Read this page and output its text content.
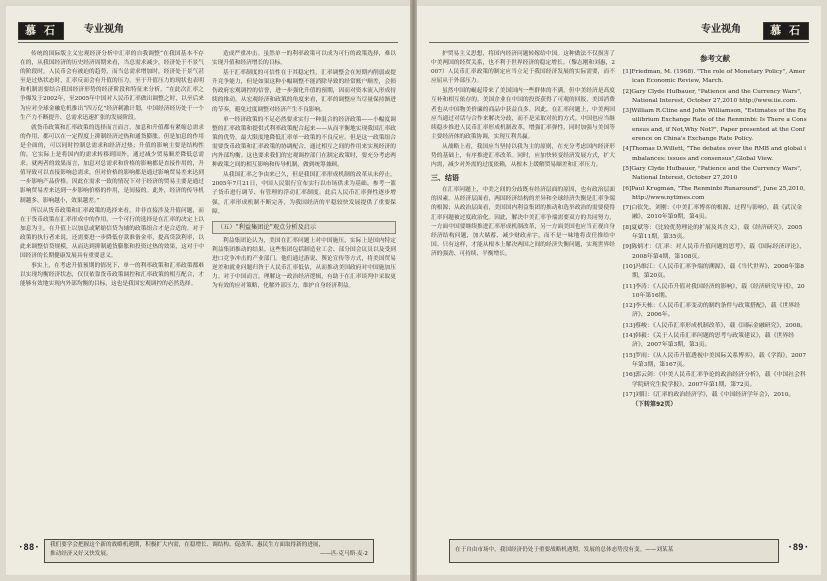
慕 石	专业视角

传统的国际版主义宏观经济分析中汇率的自我调整“在我国基本不存在的，从我国经济的历史经济周期来看，当总需求减少，经济处于不景气的阶段时，人民币会有被迫的趋势，而当总需求增加时，经济处于景气甚至是过热状态时，汇率反而会有升值的压力。至于升值压力的现状也表明和机制需要结合我国经济形势的经济阶段和特征来分析。“在此次汇率之争爆发于2002年，至2005年中国对人民币汇率做出调整之时，以至后来为应对全球金融危机推出“四万亿”经济刺激计划，中国经济经历处于一个生产力不断提升、总需求迅速扩张的发展阶段。

就货币政策和汇率政策的选择而言而言，加息和升值都有紧缩总需求的作用，都可以在一定程度上抑制经济过热和通货膨胀。但是加息的作用是全面的，可以同时控制总需求和经济过热；升值的影响主要是结构性的，它实际上是将国内的需求转移到国外，通过减少贸易顺差降低总需求。就两者的效果而言，加息对总需求和价格的影响都是直接作用的，升值导致可以直接影响总需求，但对价格的影响都是通过影响贸易差来达到一步影响产品价格。因此在需求一致的情况下对于经济的贸易主要是通过影响贸易差来达到一步影响价格的作用，是间接的。此外，经济的传导机制越多，影响越小，效果越差。”

所以从货币政策和汇率政策的选择来看，并非直接涉及升值问题，而在于货币政策在汇率形成中的作用。一个可行的选择是在汇率的决定上以加息为主，在升值上以加息或紧缩信贷为辅的政策组合才是合适的。对于政策的执行者来说，还需要进一步降低存款准备金率，提高贷款利率，以此来调整信贷规模，从而达到抑制通货膨胀和投资过热的效果，这对于中国经济的长期健康发展具有重要意义。

事实上，在考虑升值预期的情况下，单一的利率政策和汇率政策都难以实现均衡经济状态，仅仅依靠货币政策调控和汇率政策的相互配合，才能够有效地实现内外部均衡的目标，这也是我国宏观调控的必然选择。

造成严重冲击。虽然单一的利率政策可以成为可行的政策选择，难以实现升值和经济增长的目标。

基于汇率制度的可信性在于其稳定性，汇率调整会在短期内削弱或提升竞争能力，但是如果这种小幅调整不能消除导致的经常账户顺差，会损伤政府宏观调控的信誉，进一步强化升值的预期，因而对资本流入形成持续的推动。从宏观经济和政策的角度来看，汇率的调整应当尽量保持渐进的节奏，避免过度调整对经济产生不良影响。

单一经济政策的不足必然要求实行一种混合的经济政策——小幅度调整的汇率政策和提供式利率政策配合起来——从而平衡地实现我国汇率政策的优势，最大限度地降低汇率单一政策的不良反应。但是这一政策组合需要货币政策和汇率政策的协调配合，通过相互之间的作用来实现经济的内外部均衡。这也要求我们的宏观调控部门在制定政策时，要充分考虑两种政策之间的相互影响和传导机制，做到统筹兼顾。

从我国汇率之争由来已久，但是我国汇率形成机制的改革从未停止。2005年7月21日，中国人民银行宣布实行以市场供求为基础、参考一篮子货币进行调节、有管理的浮动汇率制度。此后人民币汇率弹性逐步增强，汇率形成机制不断完善，为我国经济的平稳较快发展提供了重要保障。

（五）“利益集团论”观点分析及启示

利益集团论认为，美国在汇率问题上对中国施压，实际上是国内特定利益集团推动的结果。这些集团包括制造业工会、部分国会议员以及受到进口竞争冲击的产业部门。他们通过游说、舆论宣传等方式，将美国贸易逆差和就业问题归咎于人民币汇率低估，从而推动美国政府对中国施加压力。对于中国而言，理解这一政治经济逻辑，有助于在汇率谈判中采取更为有效的应对策略，化解外部压力，维护自身经济利益。

·88· 我们要学会把握这个新的战略机遇期，积极扩大内需，在稳增长、调结构、促改革、惠民生方面取得新的进展，
推动经济又好又快发展。	——匹·克马斯·麦·2
专业视角	慕 石

护贸易主义思想，将国内经济问题转嫁给中国。这种做法不仅损害了中美两国的经贸关系，也不利于世界经济的稳定增长。（黎志刚和刘惠，2007）人民币汇率政策的制定应当立足于我国经济发展的实际需要，而不应屈从于外部压力。

虽然中国的崛起带来了美国国内一些群体的不满，但中美经济是高度互补和相互依存的。美国企业在中国的投资获得了可观的回报，美国消费者也从中国物美价廉的商品中获益良多。因此，在汇率问题上，中美两国应当通过对话与合作来解决分歧，而不是采取对抗的方式。中国也应当继续稳步推进人民币汇率形成机制改革，增强汇率弹性，同时加强与美国等主要经济体的政策协调，实现互利共赢。

从战略上看，我国应当坚持以我为主的原则，在充分考虑国内经济形势的基础上，有序推进汇率改革。同时，应加快转变经济发展方式，扩大内需，减少对外需的过度依赖，从根本上缓解贸易顺差和汇率压力。

三、结语

在汇率问题上，中美之间的分歧既有经济层面的原因，也有政治层面的因素。从经济层面看，两国经济结构的差异和全球经济失衡是汇率争端的根源；从政治层面看，美国国内利益集团的推动和选举政治的需要使得汇率问题被过度政治化。因此，解决中美汇率争端需要双方的共同努力，一方面中国要继续推进汇率形成机制改革，另一方面美国也应当正视自身经济结构问题，加大储蓄、减少财政赤字，而不是一味地将责任推给中国。只有这样，才能从根本上解决两国之间的经济失衡问题，实现世界经济的强劲、可持续、平衡增长。

参考文献
[1]Friedman, M. (1968). "The role of Monetary Policy", American Economic Review, March.
[2]Gary Clyde Hufbauer, "Patience and the Currency Wars", National Interest, October 27,2010 http://www.iie.com.
[3]William R.Cline and John Williamson, "Estimates of the Equilibrium Exchange Rate of the Renminbi: Is There a Consensus and, if Not,Why Not?", Paper presented at the Conference on China's Exchange Rate Policy.
[4]Thomas D.Willett, "The debates over the RMB and global imbalances: issues and consensus",Global View.
[5]Gary Clyde Hufbauer, "Patience and the Currency Wars", National Interest, October 27,2010
[6]Paul Krugman, "The Renminbi Runaround", June 25,2010,http://www.nytimes.com
[7]白钦先、刘刚：《中美汇率博弈的根源、过程与影响》，载《武汉金融》，2010年第9期，第4页。
[8]夏斌等：《比较优势理论的扩展及其含义》，载《经济研究》，2005年第11期，第35页。
[9]陈炳才：《汇率：对人民币升值问题的思考》，载《国际经济评论》，2008年第4期，第108页。
[10]冯维江：《人民币汇率争端的溯源》，载《当代世界》，2008年第8期，第20页。
[11]李涛：《人民币升值对我国经济的影响》，载《经济研究导刊》，2010年第16期。
[12]李天栋：《人民币汇率变动的制约条件与政策搭配》，载《世界经济》，2006年。
[13]蔡峻：《人民币汇率形成机制改革》，载《国际金融研究》，2008。
[14]韩毅：《关于人民币汇率问题的思考与政策建议》，载《世界经济》，2007年第3期，第3页。
[15]罗雨：《从人民币升值透视中美国际关系博弈》，载《学海》，2007年第3期，第167页。
[16]郭云剑：《中美人民币汇率争论的政治经济分析》，载《中国社会科学院研究生院学报》，2007年第1期，第72页。
[17]刘阳：《汇率的政治经济学》，载《中国经济学年会》，2010。 （下转第92页）
在于自由市场中，我国经济仍处于重要战略机遇期，发展的总体态势没有变。——刘某某	·89·
